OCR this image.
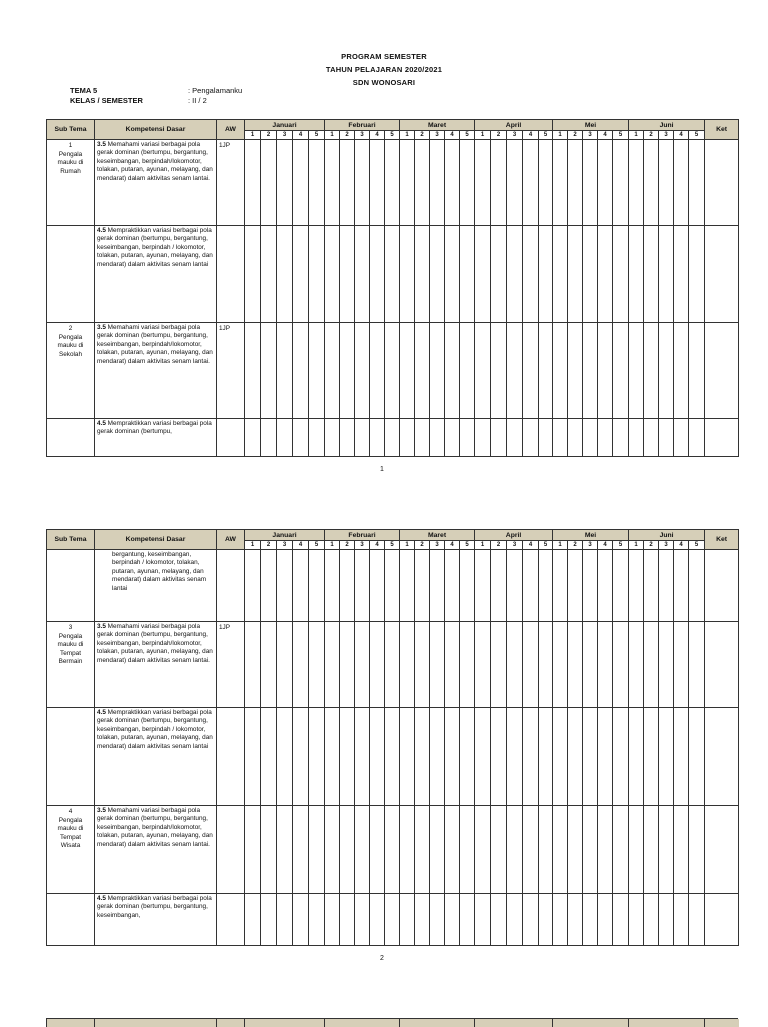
PROGRAM SEMESTER
TAHUN PELAJARAN 2020/2021
SDN WONOSARI
TEMA 5	: Pengalamanku
KELAS / SEMESTER	: II / 2
Sub Tema	Kompetensi Dasar	AW	Januari					Februari					Maret					April					Mei					Juni					Ket
			1	2	3	4	5	1	2	3	4	5	1	2	3	4	5	1	2	3	4	5	1	2	3	4	5	1	2	3	4	5	

1
Pengala
mauku di
Rumah	3.5 Memahami variasi berbagai pola gerak dominan (bertumpu, bergantung, keseimbangan, berpindah/lokomotor, tolakan, putaran, ayunan, melayang, dan mendarat) dalam aktivitas senam lantai.	1JP																															

	4.5 Mempraktikkan variasi berbagai pola gerak dominan (bertumpu, bergantung, keseimbangan, berpindah / lokomotor, tolakan, putaran, ayunan, melayang, dan mendarat) dalam aktivitas senam lantai																																

2
Pengala
mauku di
Sekolah	3.5 Memahami variasi berbagai pola gerak dominan (bertumpu, bergantung, keseimbangan, berpindah/lokomotor, tolakan, putaran, ayunan, melayang, dan mendarat) dalam aktivitas senam lantai.	1JP																															

	4.5 Mempraktikkan variasi berbagai pola gerak dominan (bertumpu,																																

1
Sub Tema	Kompetensi Dasar	AW	Januari					Februari					Maret					April					Mei					Juni					Ket
			1	2	3	4	5	1	2	3	4	5	1	2	3	4	5	1	2	3	4	5	1	2	3	4	5	1	2	3	4	5	

	bergantung, keseimbangan, berpindah / lokomotor, tolakan, putaran, ayunan, melayang, dan mendarat) dalam aktivitas senam lantai																																

3
Pengala
mauku di
Tempat
Bermain	3.5 Memahami variasi berbagai pola gerak dominan (bertumpu, bergantung, keseimbangan, berpindah/lokomotor, tolakan, putaran, ayunan, melayang, dan mendarat) dalam aktivitas senam lantai.	1JP																															

	4.5 Mempraktikkan variasi berbagai pola gerak dominan (bertumpu, bergantung, keseimbangan, berpindah / lokomotor, tolakan, putaran, ayunan, melayang, dan mendarat) dalam aktivitas senam lantai																																

4
Pengala
mauku di
Tempat
Wisata	3.5 Memahami variasi berbagai pola gerak dominan (bertumpu, bergantung, keseimbangan, berpindah/lokomotor, tolakan, putaran, ayunan, melayang, dan mendarat) dalam aktivitas senam lantai.																																

	4.5 Mempraktikkan variasi berbagai pola gerak dominan (bertumpu, bergantung, keseimbangan,																																

2
